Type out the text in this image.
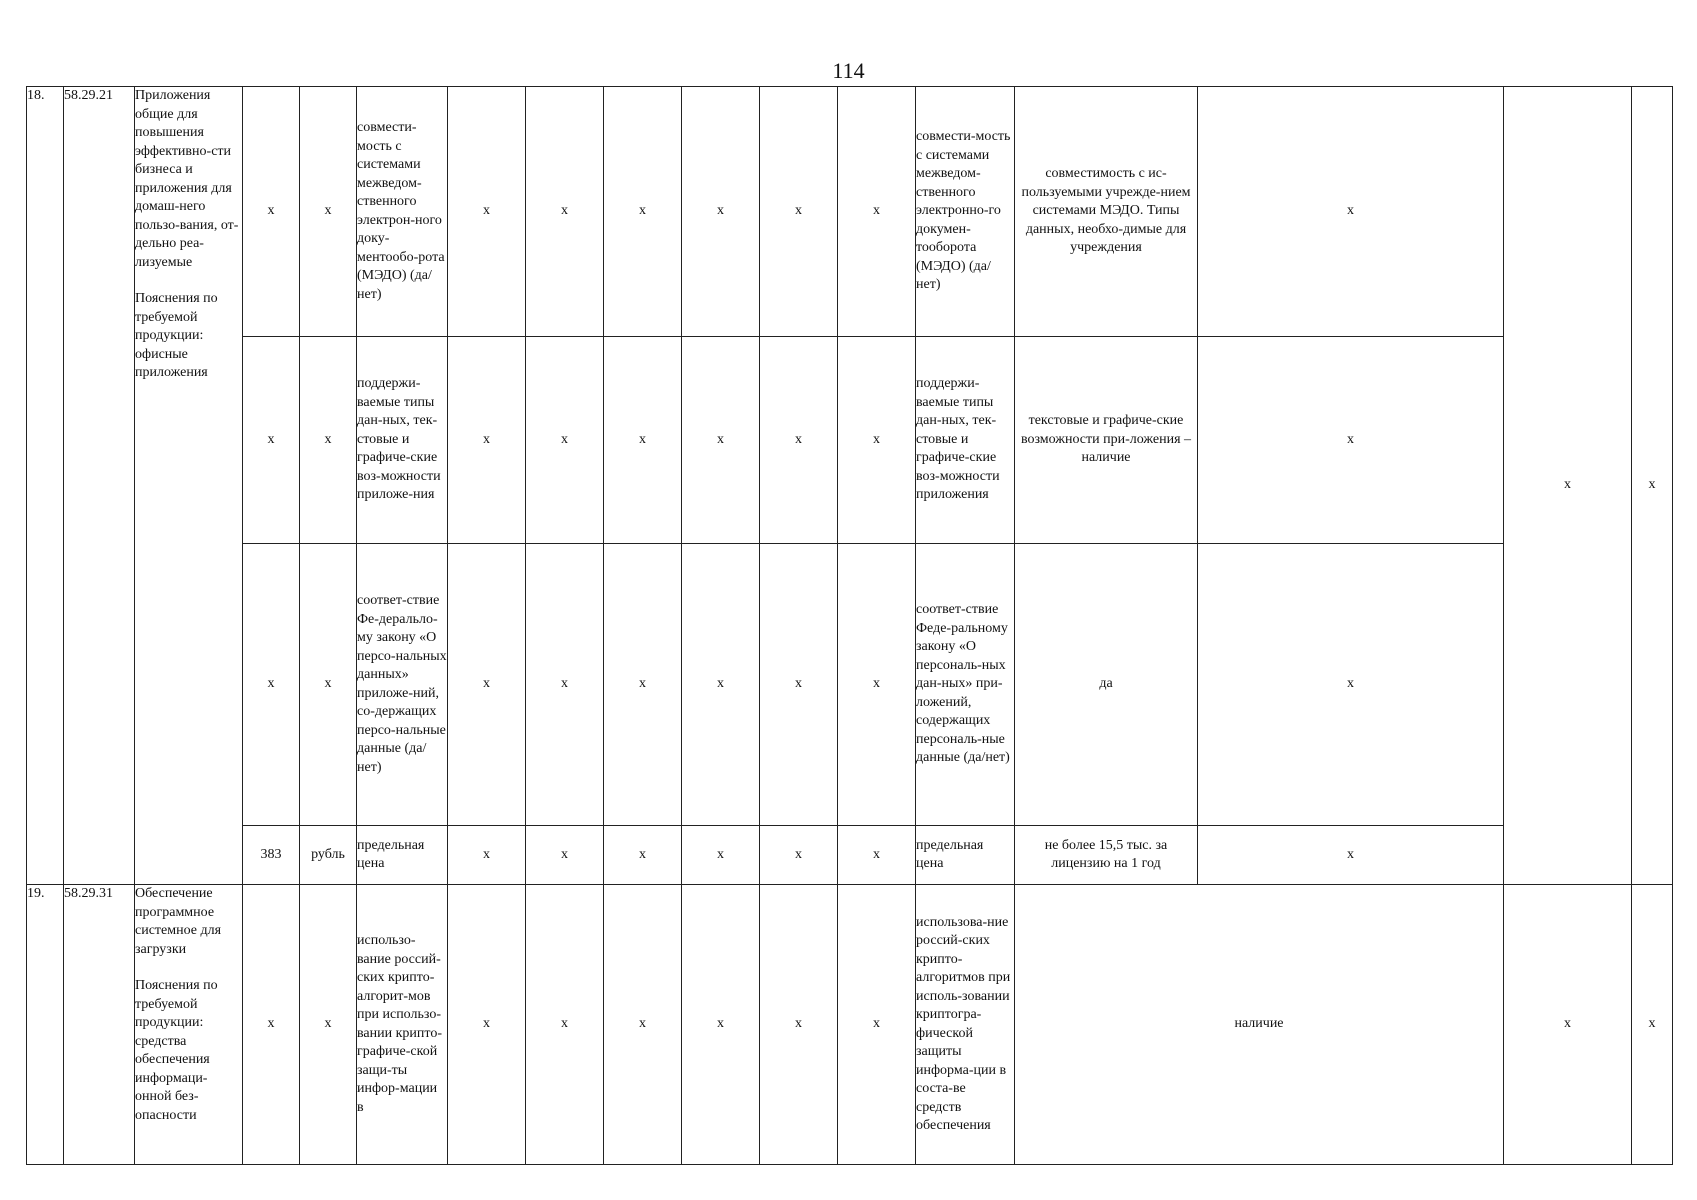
114
18.	58.29.21	Приложения общие для повышения эффективно-сти бизнеса и приложения для домаш-него пользо-вания, от-дельно реа-лизуемые
Пояснения по требуемой продукции: офисные приложения	х	х	совмести-мость с системами межведом-ственного электрон-ного доку-ментообо-рота (МЭДО) (да/нет)	х	х	х	х	х	х	совмести-мость с системами межведом-ственного электронно-го докумен-тооборота (МЭДО) (да/нет)	совместимость с ис-пользуемыми учрежде-нием системами МЭДО. Типы данных, необхо-димые для учреждения	х	х	х
			х	х	поддержи-ваемые типы дан-ных, тек-стовые и графиче-ские воз-можности приложе-ния	х	х	х	х	х	х	поддержи-ваемые типы дан-ных, тек-стовые и графиче-ские воз-можности приложения	текстовые и графиче-ские возможности при-ложения – наличие	х		
			х	х	соответ-ствие Фе-деральло-му закону «О персо-нальных данных» приложе-ний, со-держащих персо-нальные данные (да/нет)	х	х	х	х	х	х	соответ-ствие Феде-ральному закону «О персональ-ных дан-ных» при-ложений, содержащих персональ-ные данные (да/нет)	да	х		
			383	рубль	предельная цена	х	х	х	х	х	х	предельная цена	не более 15,5 тыс. за лицензию на 1 год	х		
19.	58.29.31	Обеспечение программное системное для загрузки
Пояснения по требуемой продукции: средства обеспечения информаци-онной без-опасности	х	х	использо-вание россий-ских крипто-алгорит-мов при использо-вании крипто-графиче-ской защи-ты инфор-мации в	х	х	х	х	х	х	использова-ние россий-ских крипто-алгоритмов при исполь-зовании криптогра-фической защиты информа-ции в соста-ве средств обеспечения	наличие		х	х
